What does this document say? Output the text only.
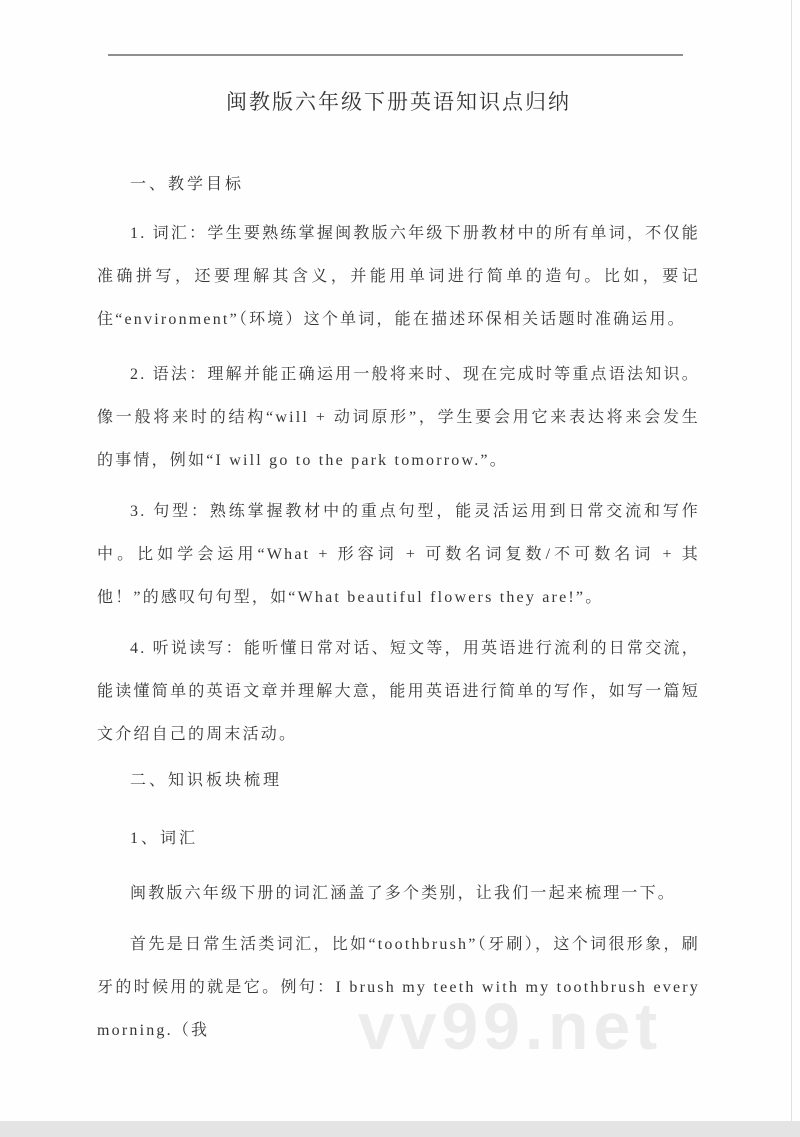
闽教版六年级下册英语知识点归纳
一、教学目标

1. 词汇：学生要熟练掌握闽教版六年级下册教材中的所有单词，不仅能准确拼写，还要理解其含义，并能用单词进行简单的造句。比如，要记住“environment”（环境）这个单词，能在描述环保相关话题时准确运用。

2. 语法：理解并能正确运用一般将来时、现在完成时等重点语法知识。像一般将来时的结构“will + 动词原形”，学生要会用它来表达将来会发生的事情，例如“I will go to the park tomorrow.”。

3. 句型：熟练掌握教材中的重点句型，能灵活运用到日常交流和写作中。比如学会运用“What + 形容词 + 可数名词复数/不可数名词 + 其他！”的感叹句句型，如“What beautiful flowers they are!”。

4. 听说读写：能听懂日常对话、短文等，用英语进行流利的日常交流，能读懂简单的英语文章并理解大意，能用英语进行简单的写作，如写一篇短文介绍自己的周末活动。

二、知识板块梳理
1、词汇

闽教版六年级下册的词汇涵盖了多个类别，让我们一起来梳理一下。

首先是日常生活类词汇，比如“toothbrush”（牙刷），这个词很形象，刷牙的时候用的就是它。例句：I brush my teeth with my toothbrush every morning.（我	vv99.net
